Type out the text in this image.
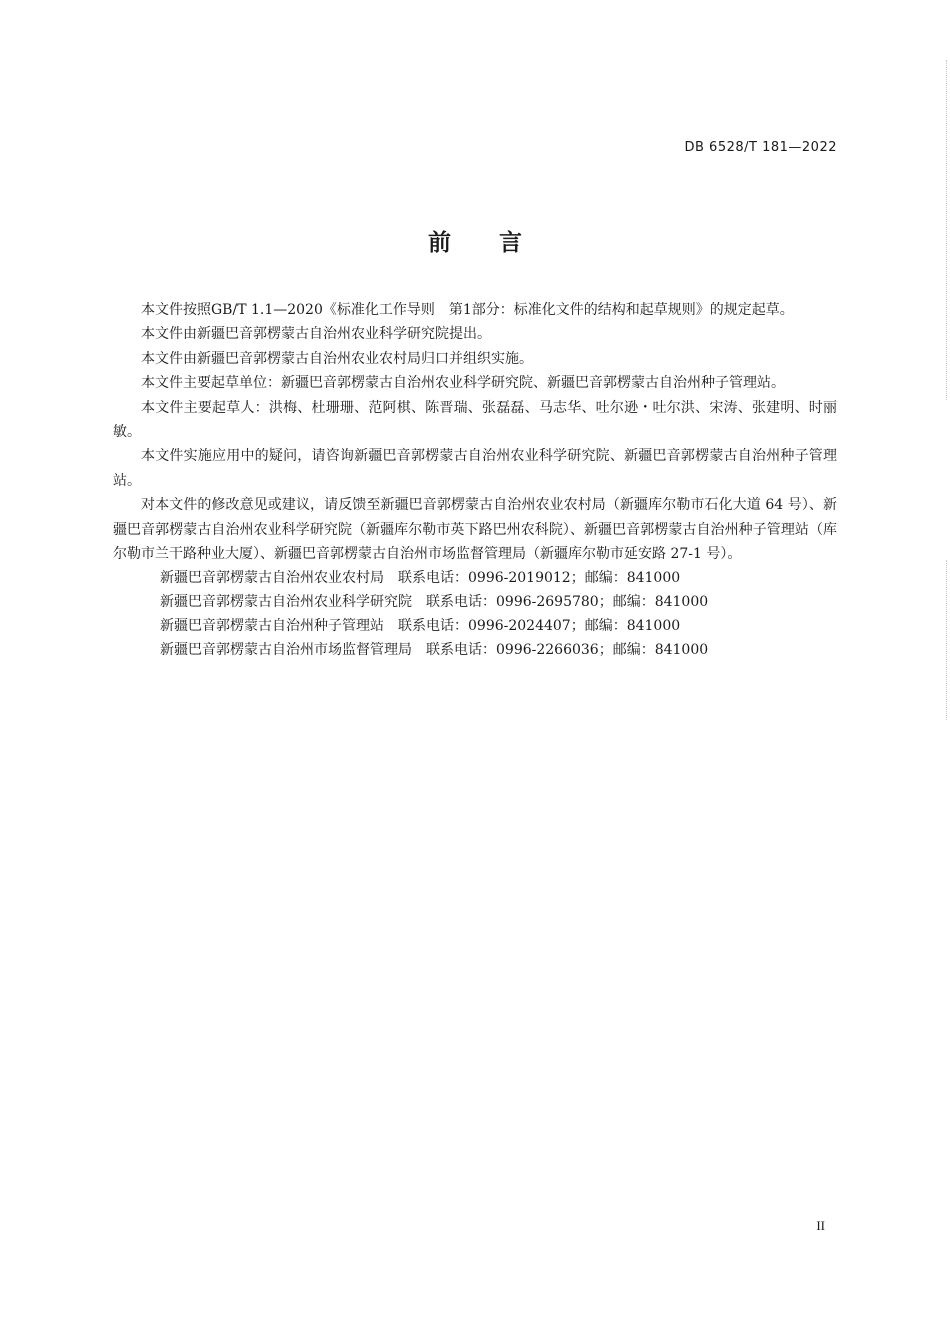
DB 6528/T 181—2022
前言

本文件按照GB/T 1.1—2020《标准化工作导则　第1部分：标准化文件的结构和起草规则》的规定起草。

本文件由新疆巴音郭楞蒙古自治州农业科学研究院提出。

本文件由新疆巴音郭楞蒙古自治州农业农村局归口并组织实施。

本文件主要起草单位：新疆巴音郭楞蒙古自治州农业科学研究院、新疆巴音郭楞蒙古自治州种子管理站。

本文件主要起草人：洪梅、杜珊珊、范阿棋、陈晋瑞、张磊磊、马志华、吐尔逊・吐尔洪、宋涛、张建明、时丽敏。

本文件实施应用中的疑问，请咨询新疆巴音郭楞蒙古自治州农业科学研究院、新疆巴音郭楞蒙古自治州种子管理站。

对本文件的修改意见或建议，请反馈至新疆巴音郭楞蒙古自治州农业农村局（新疆库尔勒市石化大道 64 号）、新疆巴音郭楞蒙古自治州农业科学研究院（新疆库尔勒市英下路巴州农科院）、新疆巴音郭楞蒙古自治州种子管理站（库尔勒市兰干路种业大厦）、新疆巴音郭楞蒙古自治州市场监督管理局（新疆库尔勒市延安路 27-1 号）。

新疆巴音郭楞蒙古自治州农业农村局　联系电话：0996-2019012；邮编：841000
新疆巴音郭楞蒙古自治州农业科学研究院　联系电话：0996-2695780；邮编：841000
新疆巴音郭楞蒙古自治州种子管理站　联系电话：0996-2024407；邮编：841000
新疆巴音郭楞蒙古自治州市场监督管理局　联系电话：0996-2266036；邮编：841000
II
